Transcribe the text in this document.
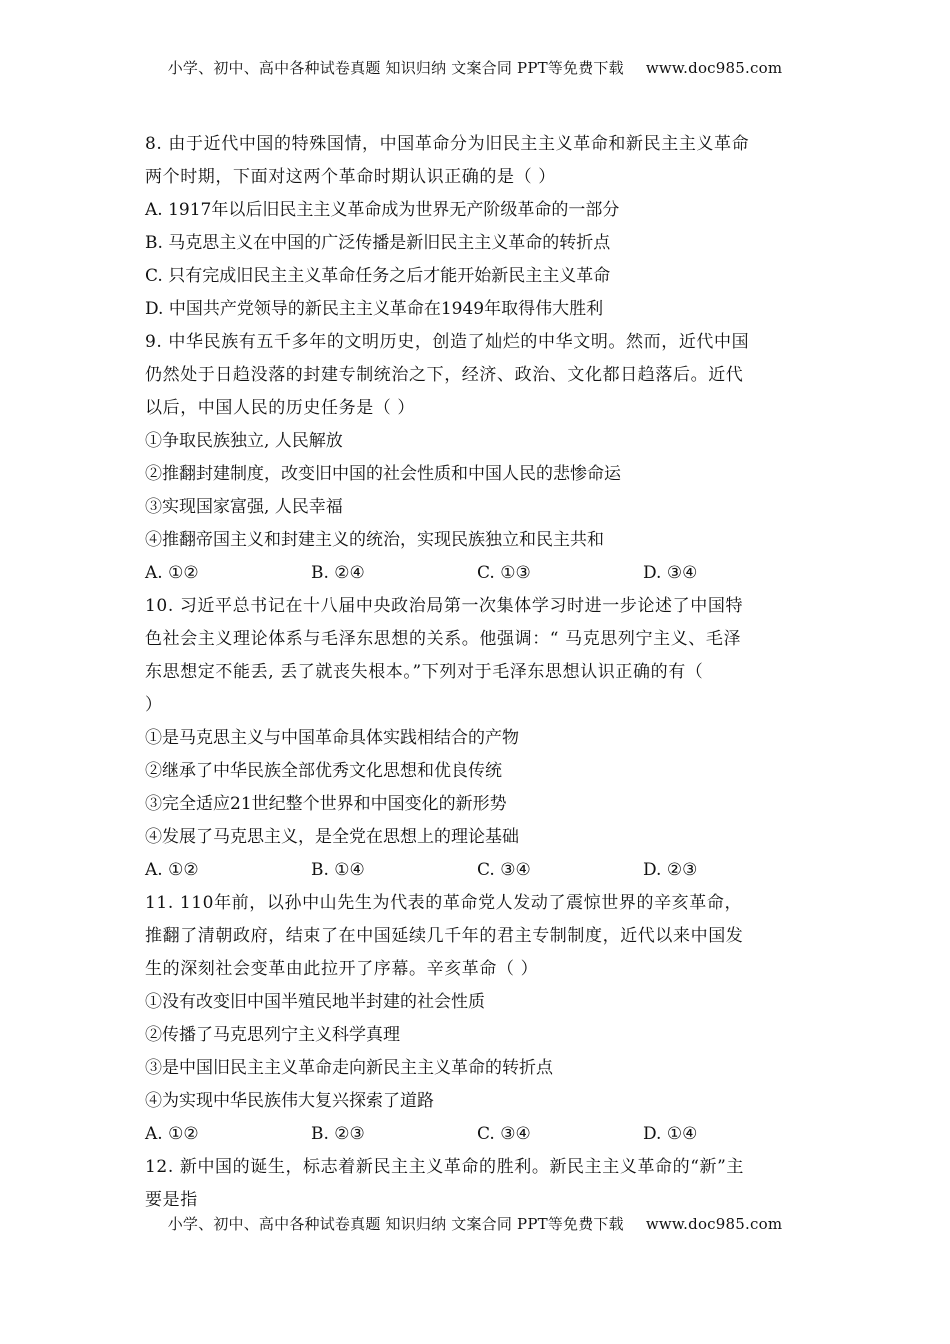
小学、初中、高中各种试卷真题 知识归纳 文案合同 PPT等免费下载 www.doc985.com
8. 由于近代中国的特殊国情，中国革命分为旧民主主义革命和新民主主义革命
两个时期，下面对这两个革命时期认识正确的是（ ）
A. 1917年以后旧民主主义革命成为世界无产阶级革命的一部分
B. 马克思主义在中国的广泛传播是新旧民主主义革命的转折点
C. 只有完成旧民主主义革命任务之后才能开始新民主主义革命
D. 中国共产党领导的新民主主义革命在1949年取得伟大胜利
9. 中华民族有五千多年的文明历史，创造了灿烂的中华文明。然而，近代中国
仍然处于日趋没落的封建专制统治之下，经济、政治、文化都日趋落后。近代
以后，中国人民的历史任务是（ ）
①争取民族独立, 人民解放
②推翻封建制度，改变旧中国的社会性质和中国人民的悲惨命运
③实现国家富强, 人民幸福
④推翻帝国主义和封建主义的统治，实现民族独立和民主共和
A. ①②	B. ②④	C. ①③	D. ③④
10. 习近平总书记在十八届中央政治局第一次集体学习时进一步论述了中国特
色社会主义理论体系与毛泽东思想的关系。他强调：“ 马克思列宁主义、毛泽
东思想定不能丢, 丢了就丧失根本。”下列对于毛泽东思想认识正确的有（
）
①是马克思主义与中国革命具体实践相结合的产物
②继承了中华民族全部优秀文化思想和优良传统
③完全适应21世纪整个世界和中国变化的新形势
④发展了马克思主义，是全党在思想上的理论基础
A. ①②	B. ①④	C. ③④	D. ②③
11. 110年前，以孙中山先生为代表的革命党人发动了震惊世界的辛亥革命，
推翻了清朝政府，结束了在中国延续几千年的君主专制制度，近代以来中国发
生的深刻社会变革由此拉开了序幕。辛亥革命（ ）
①没有改变旧中国半殖民地半封建的社会性质
②传播了马克思列宁主义科学真理
③是中国旧民主主义革命走向新民主主义革命的转折点
④为实现中华民族伟大复兴探索了道路
A. ①②	B. ②③	C. ③④	D. ①④
12. 新中国的诞生，标志着新民主主义革命的胜利。新民主主义革命的“新”主
要是指
小学、初中、高中各种试卷真题 知识归纳 文案合同 PPT等免费下载 www.doc985.com
